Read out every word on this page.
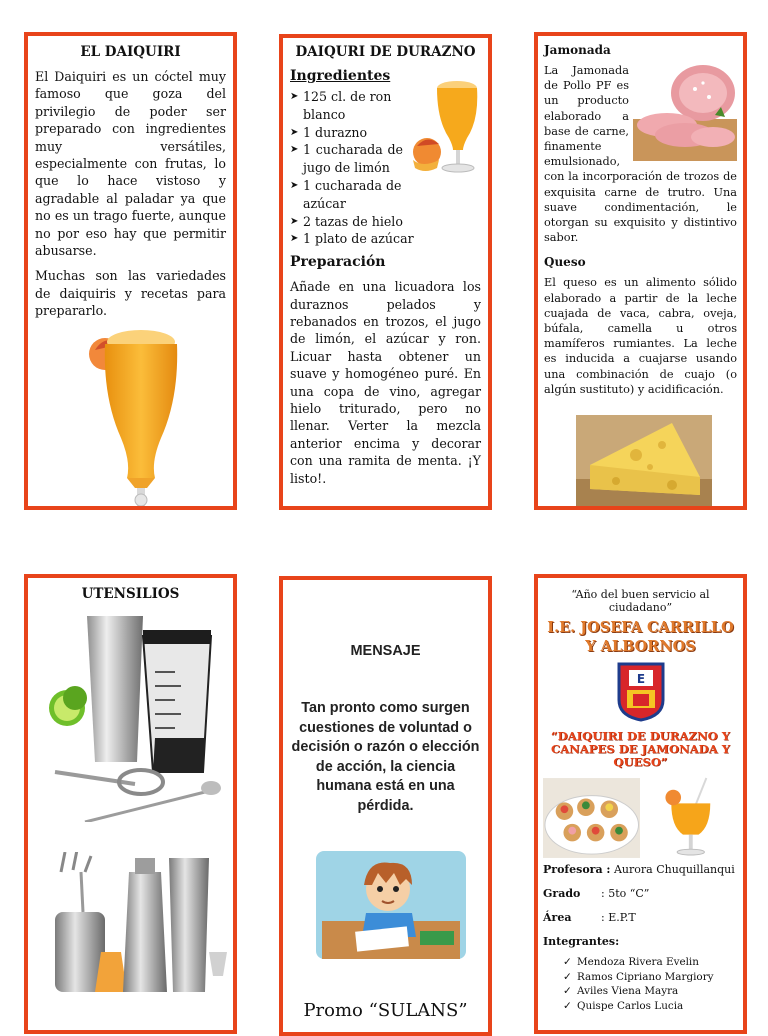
EL DAIQUIRI

El Daiquiri es un cóctel muy famoso que goza del privilegio de poder ser preparado con ingredientes muy versátiles, especialmente con frutas, lo que lo hace vistoso y agradable al paladar ya que no es un trago fuerte, aunque no por eso hay que permitir abusarse.

Muchas son las variedades de daiquiris y recetas para prepararlo.

DAIQURI DE DURAZNO

Ingredientes

➤ 125 cl. de ron blanco
➤ 1 durazno
➤ 1 cucharada de jugo de limón
➤ 1 cucharada de azúcar
➤ 2 tazas de hielo
➤ 1 plato de azúcar

Preparación

Añade en una licuadora los duraznos pelados y rebanados en trozos, el jugo de limón, el azúcar y ron. Licuar hasta obtener un suave y homogéneo puré. En una copa de vino, agregar hielo triturado, pero no llenar. Verter la mezcla anterior encima y decorar con una ramita de menta. ¡Y listo!.

Jamonada

La Jamonada de Pollo PF es un producto elaborado a base de carne, finamente emulsionado, con la incorporación de trozos de exquisita carne de trutro. Una suave condimentación, le otorgan su exquisito y distintivo sabor.

Queso

El queso es un alimento sólido elaborado a partir de la leche cuajada de vaca, cabra, oveja, búfala, camella u otros mamíferos rumiantes. La leche es inducida a cuajarse usando una combinación de cuajo (o algún sustituto) y acidificación.

UTENSILIOS
MENSAJE

Tan pronto como surgen cuestiones de voluntad o decisión o razón o elección de acción, la ciencia humana está en una pérdida.

Promo “SULANS”

“Año del buen servicio al ciudadano”

I.E. JOSEFA CARRILLO Y ALBORNOS
E

“DAIQUIRI DE DURAZNO Y CANAPES DE JAMONADA Y QUESO”

Profesora : Aurora Chuquillanqui

Grado : 5to “C”

Área	: E.P.T

Integrantes:

✓ Mendoza Rivera Evelin
✓ Ramos Cipriano Margiory
✓ Aviles Viena Mayra
✓ Quispe Carlos Lucia
